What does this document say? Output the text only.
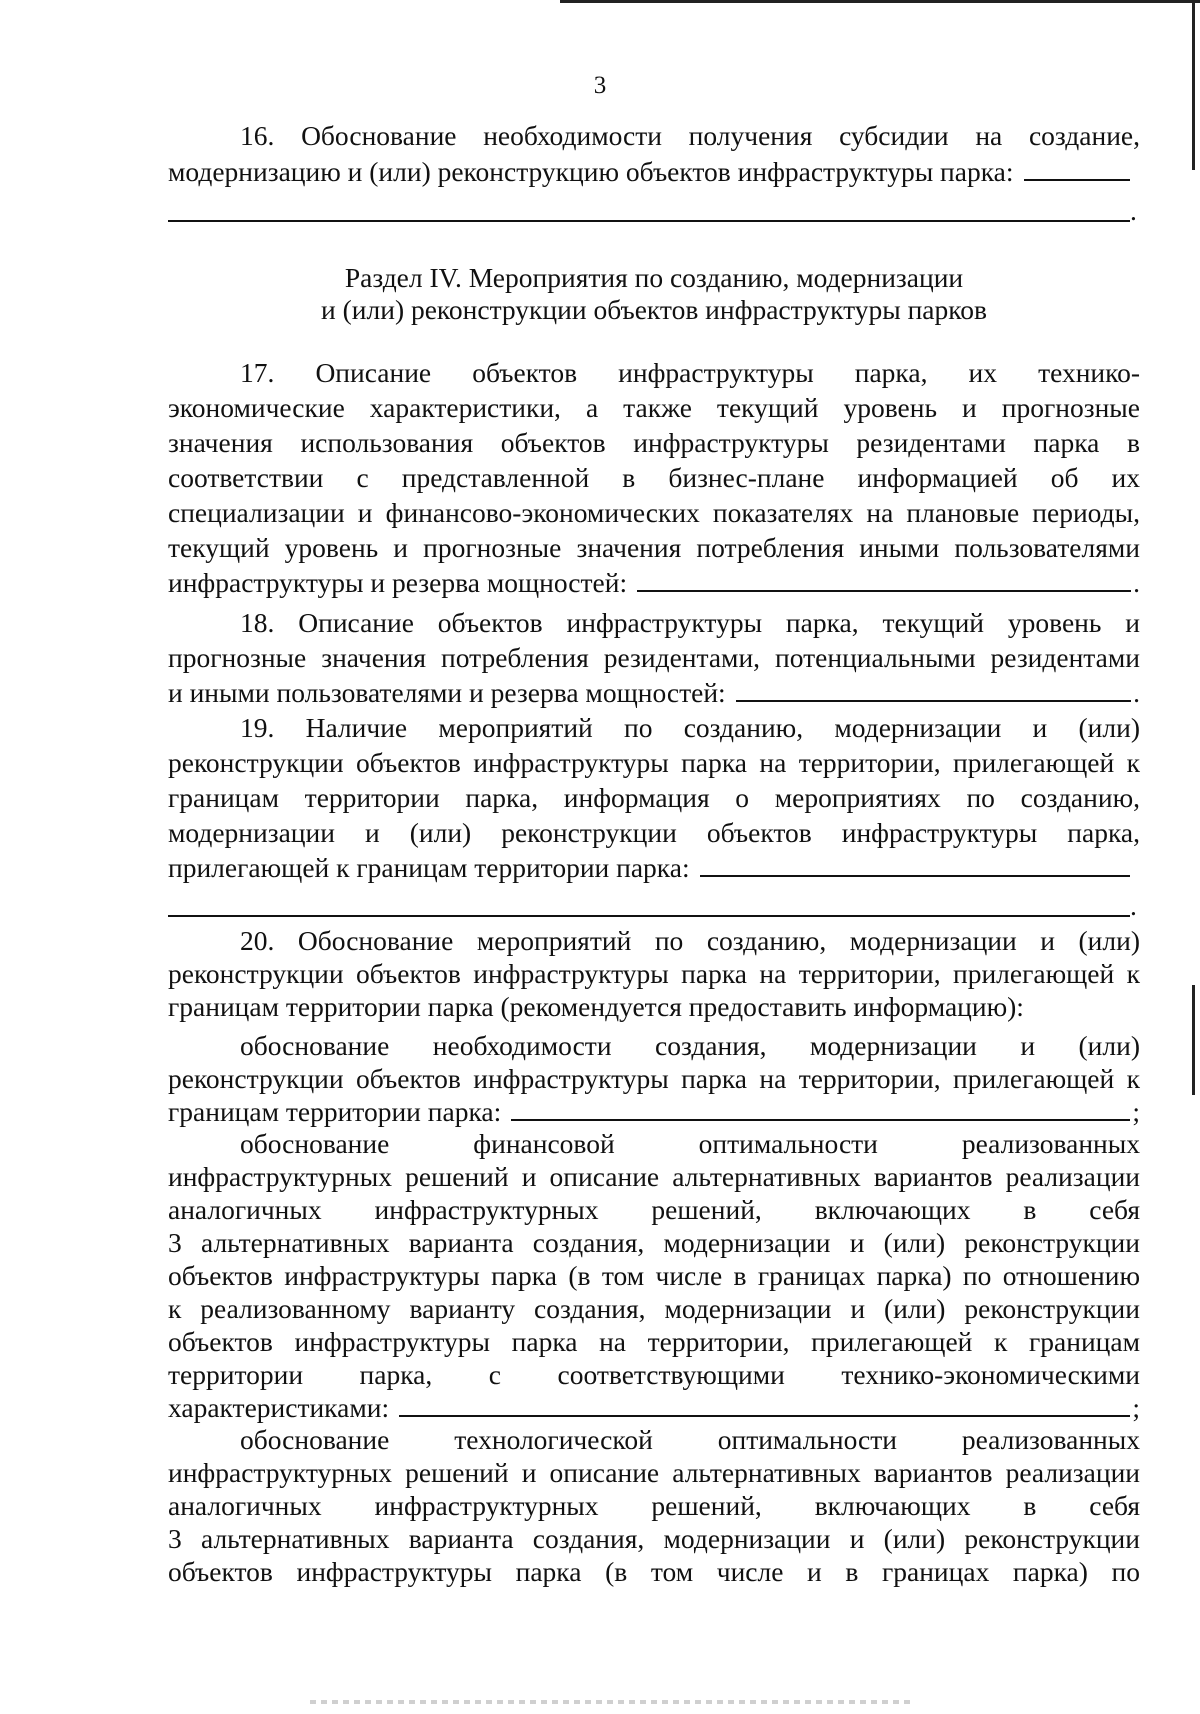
3
16. Обоснование необходимости получения субсидии на создание,
модернизацию и (или) реконструкцию объектов инфраструктуры парка:
.
Раздел IV. Мероприятия по созданию, модернизации
и (или) реконструкции объектов инфраструктуры парков
17. Описание объектов инфраструктуры парка, их технико-
экономические характеристики, а также текущий уровень и прогнозные
значения использования объектов инфраструктуры резидентами парка в
соответствии с представленной в бизнес-плане информацией об их
специализации и финансово-экономических показателях на плановые периоды,
текущий уровень и прогнозные значения потребления иными пользователями
инфраструктуры и резерва мощностей:	.
18. Описание объектов инфраструктуры парка, текущий уровень и
прогнозные значения потребления резидентами, потенциальными резидентами
и иными пользователями и резерва мощностей:	.
19. Наличие мероприятий по созданию, модернизации и (или)
реконструкции объектов инфраструктуры парка на территории, прилегающей к
границам территории парка, информация о мероприятиях по созданию,
модернизации и (или) реконструкции объектов инфраструктуры парка,
прилегающей к границам территории парка:
.
20. Обоснование мероприятий по созданию, модернизации и (или)
реконструкции объектов инфраструктуры парка на территории, прилегающей к
границам территории парка (рекомендуется предоставить информацию):
обоснование необходимости создания, модернизации и (или)
реконструкции объектов инфраструктуры парка на территории, прилегающей к
границам территории парка:	;
обоснование финансовой оптимальности реализованных
инфраструктурных решений и описание альтернативных вариантов реализации
аналогичных инфраструктурных решений, включающих в себя
3 альтернативных варианта создания, модернизации и (или) реконструкции
объектов инфраструктуры парка (в том числе в границах парка) по отношению
к реализованному варианту создания, модернизации и (или) реконструкции
объектов инфраструктуры парка на территории, прилегающей к границам
территории парка, с соответствующими технико-экономическими
характеристиками:	;
обоснование технологической оптимальности реализованных
инфраструктурных решений и описание альтернативных вариантов реализации
аналогичных инфраструктурных решений, включающих в себя
3 альтернативных варианта создания, модернизации и (или) реконструкции
объектов инфраструктуры парка (в том числе и в границах парка) по
